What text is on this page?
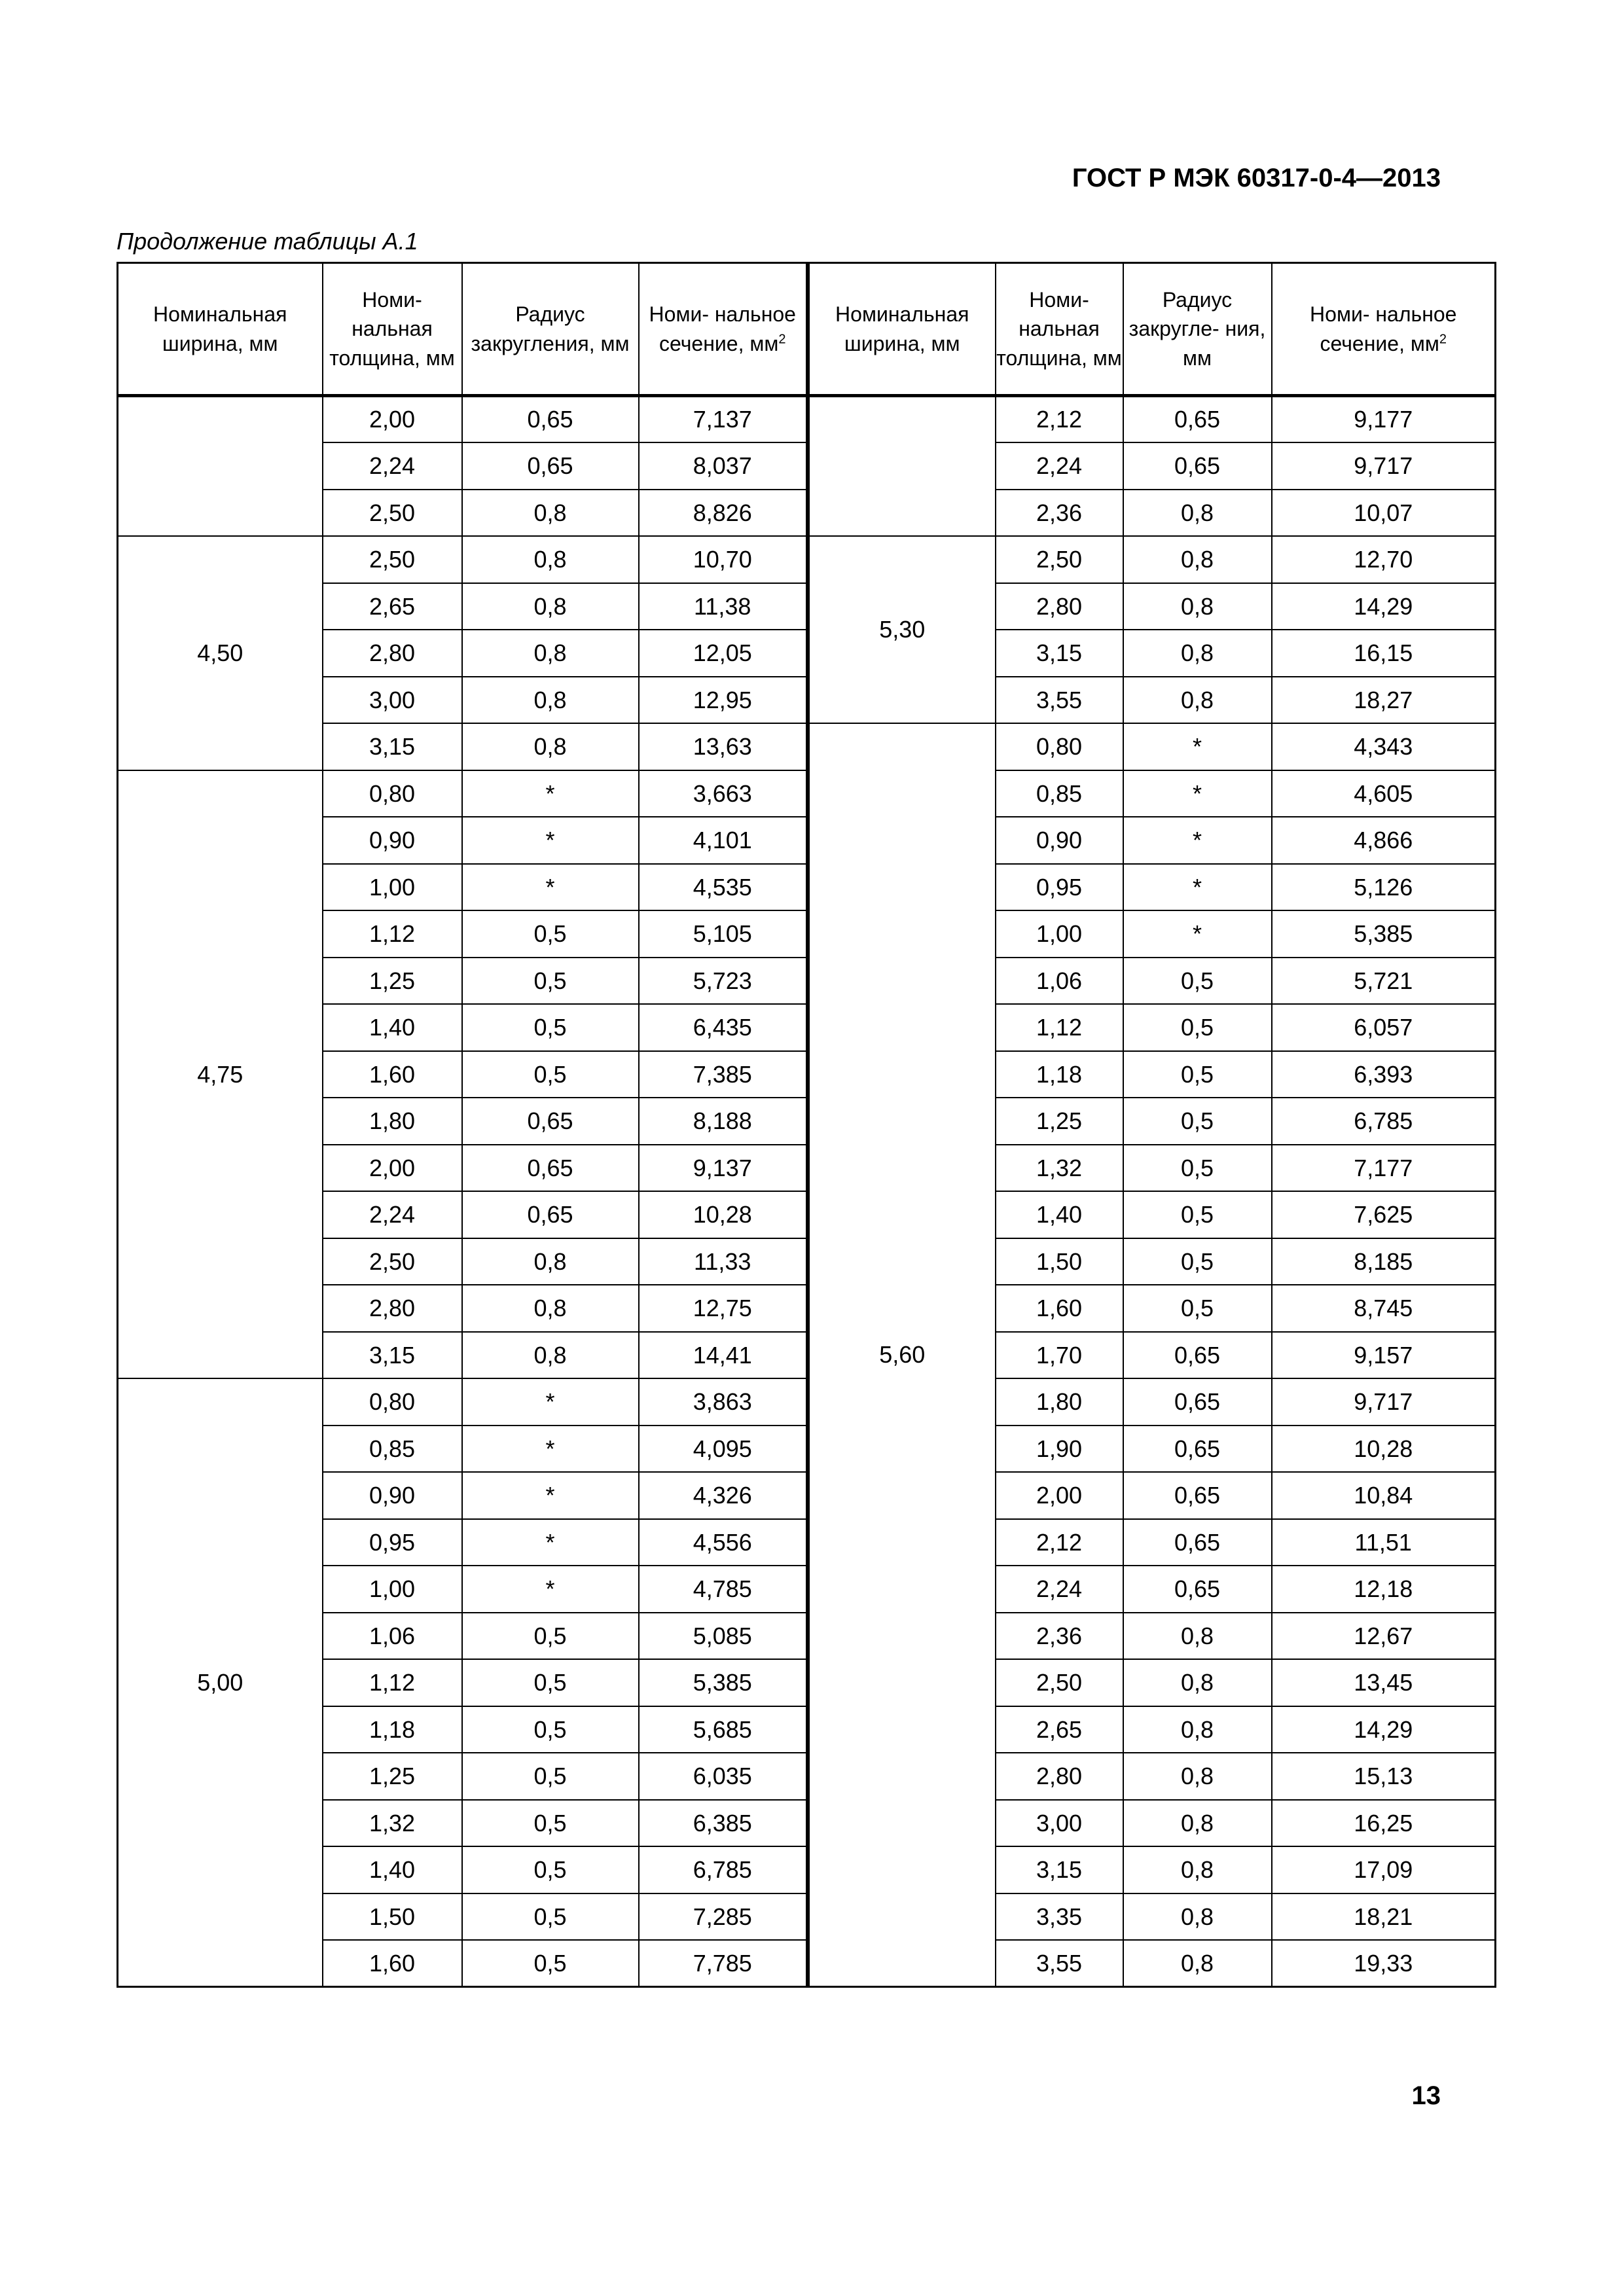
ГОСТ Р МЭК 60317-0-4—2013
Продолжение таблицы А.1
Номинальная ширина, мм	Номи- нальная толщина, мм	Радиус закругления, мм	Номи- нальное сечение, $мм^2$
	2,00	0,65	7,137
	2,24	0,65	8,037
	2,50	0,8	8,826
4,50	2,50	0,8	10,70
	2,65	0,8	11,38
	2,80	0,8	12,05
	3,00	0,8	12,95
	3,15	0,8	13,63
4,75	0,80	*	3,663
	0,90	*	4,101
	1,00	*	4,535
	1,12	0,5	5,105
	1,25	0,5	5,723
	1,40	0,5	6,435
	1,60	0,5	7,385
	1,80	0,65	8,188
	2,00	0,65	9,137
	2,24	0,65	10,28
	2,50	0,8	11,33
	2,80	0,8	12,75
	3,15	0,8	14,41
5,00	0,80	*	3,863
	0,85	*	4,095
	0,90	*	4,326
	0,95	*	4,556
	1,00	*	4,785
	1,06	0,5	5,085
	1,12	0,5	5,385
	1,18	0,5	5,685
	1,25	0,5	6,035
	1,32	0,5	6,385
	1,40	0,5	6,785
	1,50	0,5	7,285
	1,60	0,5	7,785
Номинальная ширина, мм	Номи- нальная толщина, мм	Радиус закругле- ния, мм	Номи- нальное сечение, $мм^2$
	2,12	0,65	9,177
	2,24	0,65	9,717
	2,36	0,8	10,07
5,30	2,50	0,8	12,70
	2,80	0,8	14,29
	3,15	0,8	16,15
	3,55	0,8	18,27
5,60	0,80	*	4,343
	0,85	*	4,605
	0,90	*	4,866
	0,95	*	5,126
	1,00	*	5,385
	1,06	0,5	5,721
	1,12	0,5	6,057
	1,18	0,5	6,393
	1,25	0,5	6,785
	1,32	0,5	7,177
	1,40	0,5	7,625
	1,50	0,5	8,185
	1,60	0,5	8,745
	1,70	0,65	9,157
	1,80	0,65	9,717
	1,90	0,65	10,28
	2,00	0,65	10,84
	2,12	0,65	11,51
	2,24	0,65	12,18
	2,36	0,8	12,67
	2,50	0,8	13,45
	2,65	0,8	14,29
	2,80	0,8	15,13
	3,00	0,8	16,25
	3,15	0,8	17,09
	3,35	0,8	18,21
	3,55	0,8	19,33
13
